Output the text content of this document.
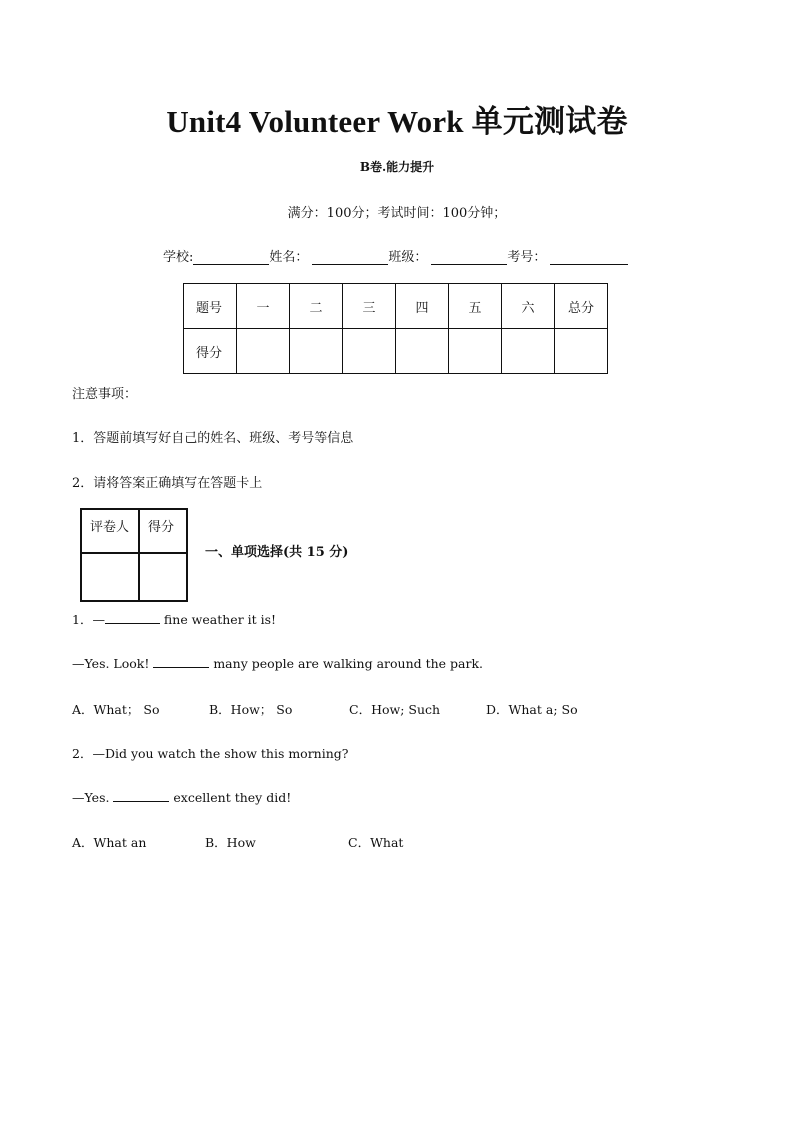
Unit4 Volunteer Work 单元测试卷
B卷.能力提升
满分：100分；考试时间：100分钟；
学校:	姓名：	班级：	考号：
题号	一	二	三	四	五	六	总分
得分							
注意事项：
1．答题前填写好自己的姓名、班级、考号等信息
2．请将答案正确填写在答题卡上
评卷人	得分

一、单项选择(共 15 分)
1．—	fine weather it is!
—Yes. Look!	many people are walking around the park.
A．What； So	B．How； So	C．How; Such	D．What a; So
2．—Did you watch the show this morning?
—Yes.	excellent they did!
A．What an	B．How	C．What
